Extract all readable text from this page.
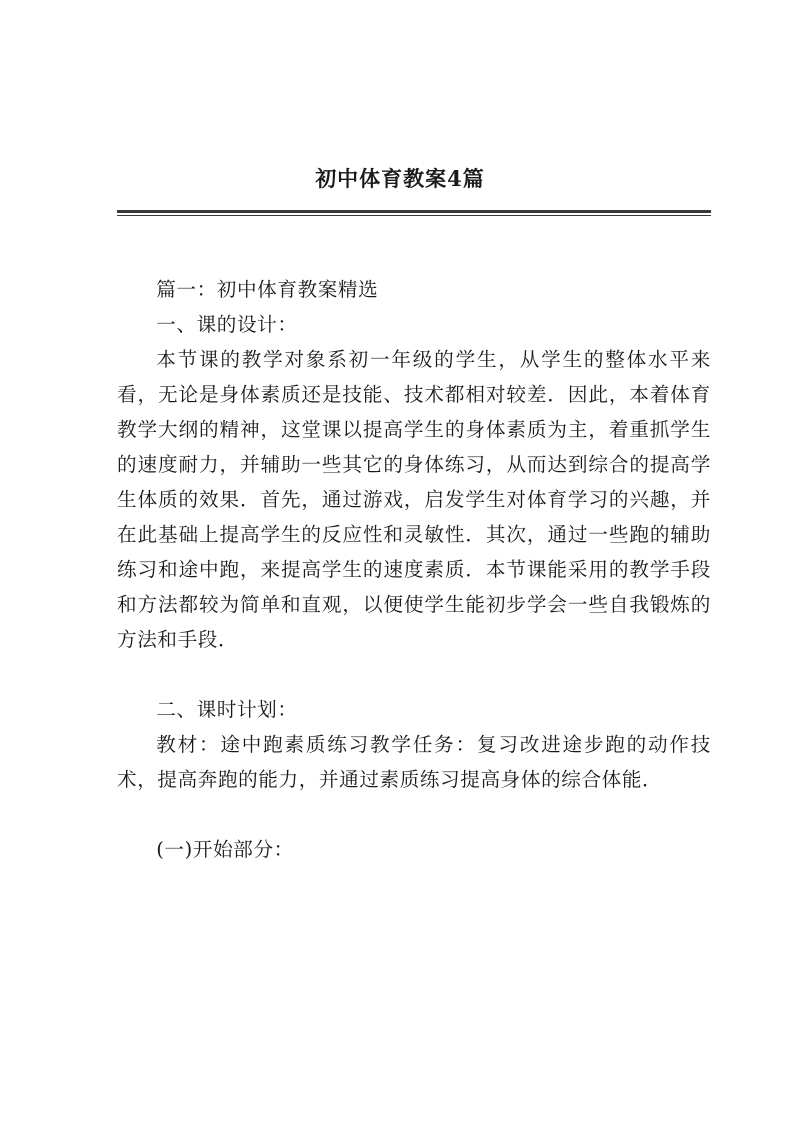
初中体育教案4篇

篇一：初中体育教案精选

一、课的设计：

本节课的教学对象系初一年级的学生，从学生的整体水平来看，无论是身体素质还是技能、技术都相对较差．因此，本着体育教学大纲的精神，这堂课以提高学生的身体素质为主，着重抓学生的速度耐力，并辅助一些其它的身体练习，从而达到综合的提高学生体质的效果．首先，通过游戏，启发学生对体育学习的兴趣，并在此基础上提高学生的反应性和灵敏性．其次，通过一些跑的辅助练习和途中跑，来提高学生的速度素质．本节课能采用的教学手段和方法都较为简单和直观，以便使学生能初步学会一些自我锻炼的方法和手段．

二、课时计划：

教材：途中跑素质练习教学任务：复习改进途步跑的动作技术，提高奔跑的能力，并通过素质练习提高身体的综合体能．

(一)开始部分：
